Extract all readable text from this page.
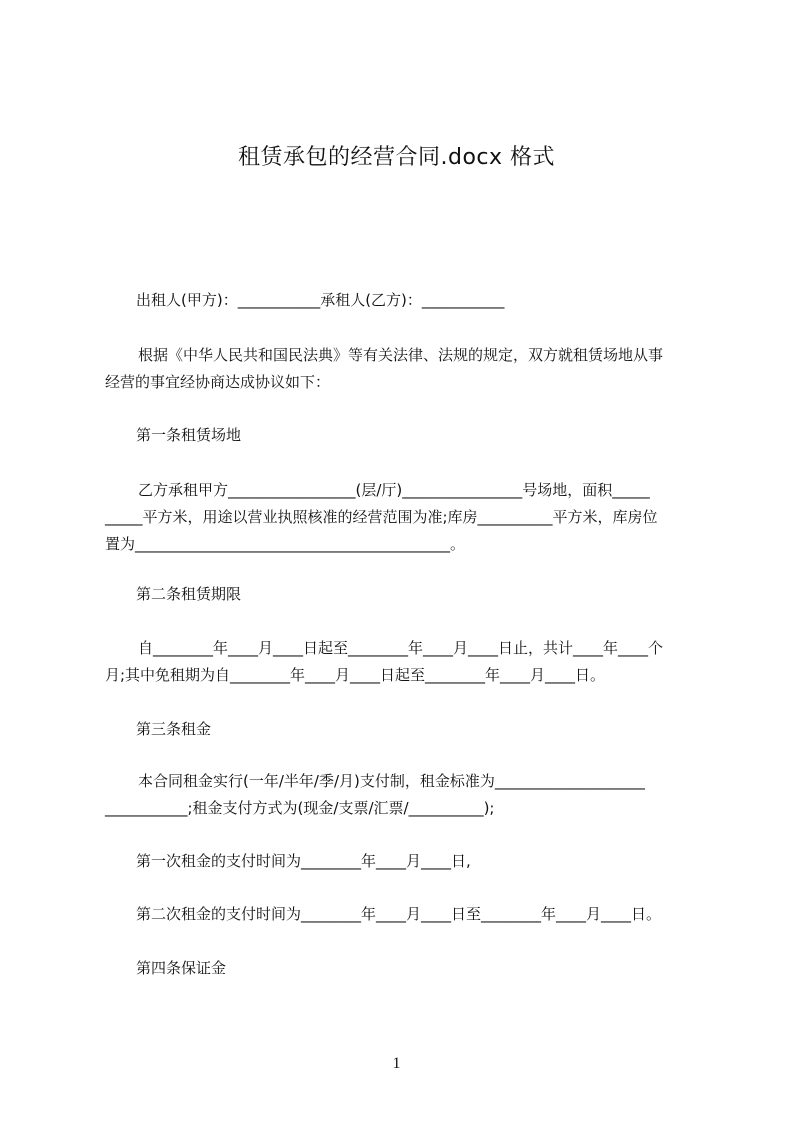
租赁承包的经营合同.docx 格式

出租人(甲方)：___________承租人(乙方)：___________

根据《中华人民共和国民法典》等有关法律、法规的规定，双方就租赁场地从事
经营的事宜经协商达成协议如下：

第一条租赁场地

乙方承租甲方_________________(层/厅)________________号场地，面积_____
_____平方米，用途以营业执照核准的经营范围为准;库房__________平方米，库房位
置为__________________________________________。

第二条租赁期限

自________年____月____日起至________年____月____日止，共计____年____个
月;其中免租期为自________年____月____日起至________年____月____日。

第三条租金

本合同租金实行(一年/半年/季/月)支付制，租金标准为____________________
___________;租金支付方式为(现金/支票/汇票/__________);

第一次租金的支付时间为________年____月____日,

第二次租金的支付时间为________年____月____日至________年____月____日。

第四条保证金

1
